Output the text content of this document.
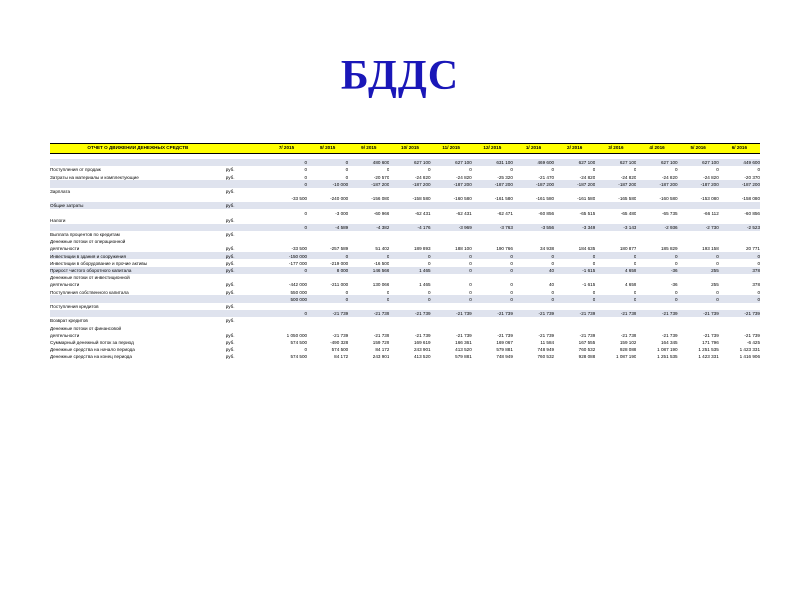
БДДС
ОТЧЕТ О ДВИЖЕНИИ ДЕНЕЖНЫХ СРЕДСТВ		7/ 2015	8/ 2015	9/ 2015	10/ 2015	11/ 2015	12/ 2015	1/ 2016	2/ 2016	3/ 2016	4/ 2016	5/ 2016	6/ 2016

		0	0	480 600	627 100	627 100	631 100	469 600	627 100	627 100	627 100	627 100	449 600
Поступления от продаж	руб.	0	0	0	0	0	0	0	0	0	0	0	0
Затраты на материалы и комплектующие	руб.	0	0	-20 570	-24 820	-24 820	-25 320	-21 470	-24 820	-24 820	-24 820	-24 820	-20 370
		0	-10 000	-187 200	-187 200	-187 200	-187 200	-187 200	-187 200	-187 200	-187 200	-187 200	-187 200
Зарплата	руб.												
		-33 500	-240 000	-156 080	-158 580	-160 580	-161 580	-161 580	-161 580	-165 580	-160 580	-153 080	-158 080
Общие затраты	руб.												
		0	-3 000	-60 966	-62 431	-62 431	-62 471	-60 856	-65 515	-65 480	-65 735	-66 112	-60 856
Налоги	руб.												
		0	-4 589	-4 382	-4 176	-3 969	-3 763	-3 556	-3 349	-3 143	-2 936	-2 730	-2 523
Выплата процентов по кредитам	руб.												
Денежные потоки от операционной													
деятельности	руб.	-33 500	-257 589	51 402	189 893	188 100	190 766	34 938	184 635	180 877	185 829	193 158	20 771
Инвестиции в здания и сооружения	руб.	-150 000	0	0	0	0	0	0	0	0	0	0	0
Инвестиции в оборудование и прочие активы	руб.	-177 000	-219 000	-16 500	0	0	0	0	0	0	0	0	0
Прирост чистого оборотного капитала	руб.	0	8 000	146 566	1 465	0	0	40	-1 615	4 659	-36	255	378
Денежные потоки от инвестиционной													
деятельности	руб.	-442 000	-211 000	130 066	1 465	0	0	40	-1 615	4 659	-36	255	378
Поступления собственного капитала	руб.	550 000	0	0	0	0	0	0	0	0	0	0	0
		500 000	0	0	0	0	0	0	0	0	0	0	0
Поступления кредитов	руб.												
		0	-21 739	-21 739	-21 739	-21 739	-21 739	-21 739	-21 739	-21 739	-21 739	-21 739	-21 739
Возврат кредитов	руб.												
Денежные потоки от финансовой													
деятельности	руб.	1 050 000	-21 739	-21 739	-21 739	-21 739	-21 739	-21 739	-21 739	-21 739	-21 739	-21 739	-21 739
Суммарный денежный поток за период	руб.	574 500	-490 328	159 729	169 619	166 361	169 067	11 584	167 555	159 102	164 345	171 796	-6 425
Денежные средства на начало периода	руб.	0	574 500	84 172	243 901	413 520	579 881	748 949	760 532	928 088	1 087 190	1 251 535	1 423 331
Денежные средства на конец периода	руб.	574 500	84 172	243 901	413 520	579 881	748 949	760 532	928 088	1 087 190	1 251 535	1 423 331	1 416 906
